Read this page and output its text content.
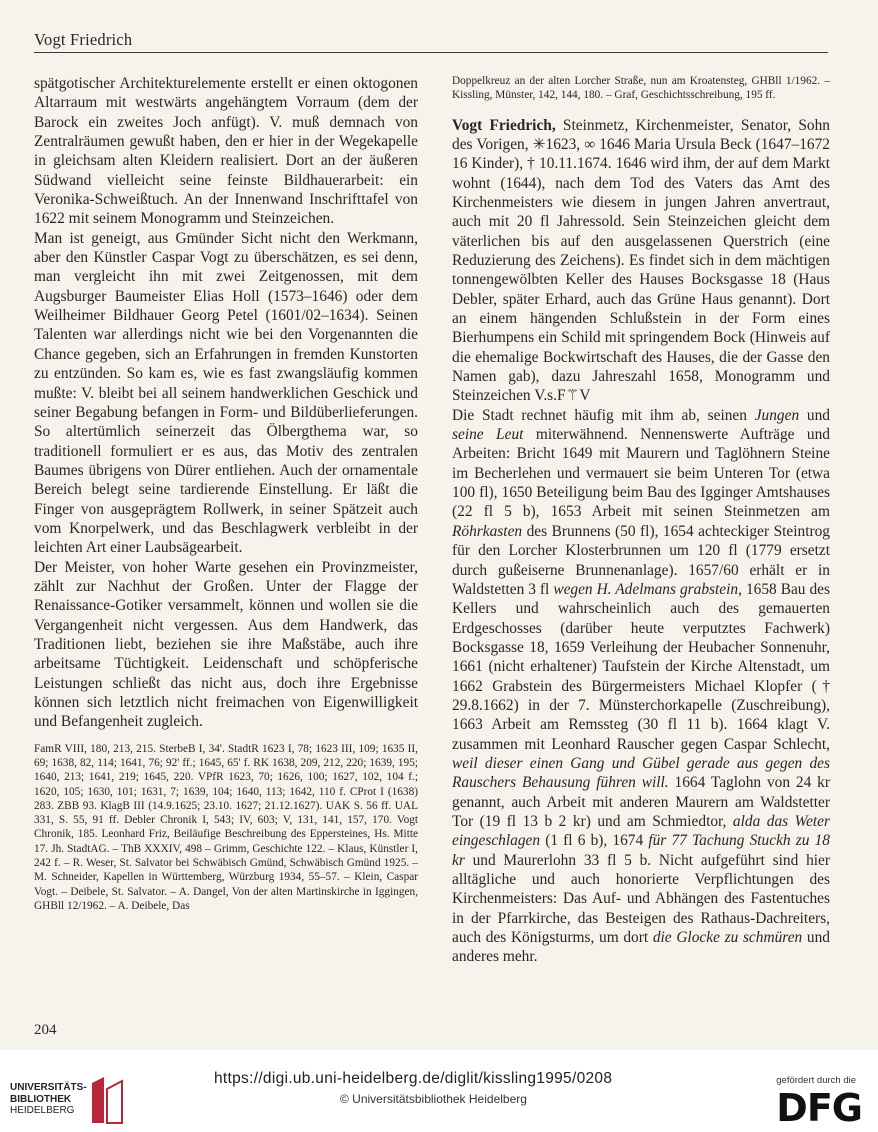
Vogt Friedrich

spätgotischer Architekturelemente erstellt er einen oktogonen Altarraum mit westwärts angehängtem Vorraum (dem der Barock ein zweites Joch anfügt). V. muß demnach von Zentralräumen gewußt haben, den er hier in der Wegekapelle in gleichsam alten Kleidern realisiert. Dort an der äußeren Südwand vielleicht seine feinste Bildhauerarbeit: ein Veronika-Schweißtuch. An der Innenwand Inschrifttafel von 1622 mit seinem Monogramm und Steinzeichen.

Man ist geneigt, aus Gmünder Sicht nicht den Werkmann, aber den Künstler Caspar Vogt zu überschätzen, es sei denn, man vergleicht ihn mit zwei Zeitgenossen, mit dem Augsburger Baumeister Elias Holl (1573–1646) oder dem Weilheimer Bildhauer Georg Petel (1601/02–1634). Seinen Talenten war allerdings nicht wie bei den Vorgenannten die Chance gegeben, sich an Erfahrungen in fremden Kunstorten zu entzünden. So kam es, wie es fast zwangsläufig kommen mußte: V. bleibt bei all seinem handwerklichen Geschick und seiner Begabung befangen in Form- und Bildüberlieferungen. So altertümlich seinerzeit das Ölbergthema war, so traditionell formuliert er es aus, das Motiv des zentralen Baumes übrigens von Dürer entliehen. Auch der ornamentale Bereich belegt seine tardierende Einstellung. Er läßt die Finger von ausgeprägtem Rollwerk, in seiner Spätzeit auch vom Knorpelwerk, und das Beschlagwerk verbleibt in der leichten Art einer Laubsägearbeit.

Der Meister, von hoher Warte gesehen ein Provinzmeister, zählt zur Nachhut der Großen. Unter der Flagge der Renaissance-Gotiker versammelt, können und wollen sie die Vergangenheit nicht vergessen. Aus dem Handwerk, das Traditionen liebt, beziehen sie ihre Maßstäbe, auch ihre arbeitsame Tüchtigkeit. Leidenschaft und schöpferische Leistungen schließt das nicht aus, doch ihre Ergebnisse können sich letztlich nicht freimachen von Eigenwilligkeit und Befangenheit zugleich.

FamR VIII, 180, 213, 215. SterbeB I, 34'. StadtR 1623 I, 78; 1623 III, 109; 1635 II, 69; 1638, 82, 114; 1641, 76; 92' ff.; 1645, 65' f. RK 1638, 209, 212, 220; 1639, 195; 1640, 213; 1641, 219; 1645, 220. VPfR 1623, 70; 1626, 100; 1627, 102, 104 f.; 1620, 105; 1630, 101; 1631, 7; 1639, 104; 1640, 113; 1642, 110 f. CProt I (1638) 283. ZBB 93. KlagB III (14.9.1625; 23.10. 1627; 21.12.1627). UAK S. 56 ff. UAL 331, S. 55, 91 ff. Debler Chronik I, 543; IV, 603; V, 131, 141, 157, 170. Vogt Chronik, 185. Leonhard Friz, Beiläufige Beschreibung des Eppersteines, Hs. Mitte 17. Jh. StadtAG. – ThB XXXIV, 498 – Grimm, Geschichte 122. – Klaus, Künstler I, 242 f. – R. Weser, St. Salvator bei Schwäbisch Gmünd, Schwäbisch Gmünd 1925. – M. Schneider, Kapellen in Württemberg, Würzburg 1934, 55–57. – Klein, Caspar Vogt. – Deibele, St. Salvator. – A. Dangel, Von der alten Martinskirche in Iggingen, GHBll 12/1962. – A. Deibele, Das

Doppelkreuz an der alten Lorcher Straße, nun am Kroatensteg, GHBll 1/1962. – Kissling, Münster, 142, 144, 180. – Graf, Geschichtsschreibung, 195 ff.

Vogt Friedrich, Steinmetz, Kirchenmeister, Senator, Sohn des Vorigen, ✳1623, ∞ 1646 Maria Ursula Beck (1647–1672 16 Kinder), † 10.11.1674. 1646 wird ihm, der auf dem Markt wohnt (1644), nach dem Tod des Vaters das Amt des Kirchenmeisters wie diesem in jungen Jahren anvertraut, auch mit 20 fl Jahressold. Sein Steinzeichen gleicht dem väterlichen bis auf den ausgelassenen Querstrich (eine Reduzierung des Zeichens). Es findet sich in dem mächtigen tonnengewölbten Keller des Hauses Bocksgasse 18 (Haus Debler, später Erhard, auch das Grüne Haus genannt). Dort an einem hängenden Schlußstein in der Form eines Bierhumpens ein Schild mit springendem Bock (Hinweis auf die ehemalige Bockwirtschaft des Hauses, die der Gasse den Namen gab), dazu Jahreszahl 1658, Monogramm und Steinzeichen V.s.F⚚V

Die Stadt rechnet häufig mit ihm ab, seinen Jungen und seine Leut miterwähnend. Nennenswerte Aufträge und Arbeiten: Bricht 1649 mit Maurern und Taglöhnern Steine im Becherlehen und vermauert sie beim Unteren Tor (etwa 100 fl), 1650 Beteiligung beim Bau des Igginger Amtshauses (22 fl 5 b), 1653 Arbeit mit seinen Steinmetzen am Röhrkasten des Brunnens (50 fl), 1654 achteckiger Steintrog für den Lorcher Klosterbrunnen um 120 fl (1779 ersetzt durch gußeiserne Brunnenanlage). 1657/60 erhält er in Waldstetten 3 fl wegen H. Adelmans grabstein, 1658 Bau des Kellers und wahrscheinlich auch des gemauerten Erdgeschosses (darüber heute verputztes Fachwerk) Bocksgasse 18, 1659 Verleihung der Heubacher Sonnenuhr, 1661 (nicht erhaltener) Taufstein der Kirche Altenstadt, um 1662 Grabstein des Bürgermeisters Michael Klopfer († 29.8.1662) in der 7. Münsterchorkapelle (Zuschreibung), 1663 Arbeit am Remssteg (30 fl 11 b). 1664 klagt V. zusammen mit Leonhard Rauscher gegen Caspar Schlecht, weil dieser einen Gang und Gübel gerade aus gegen des Rauschers Behausung führen will. 1664 Taglohn von 24 kr genannt, auch Arbeit mit anderen Maurern am Waldstetter Tor (19 fl 13 b 2 kr) und am Schmiedtor, alda das Weter eingeschlagen (1 fl 6 b), 1674 für 77 Tachung Stuckh zu 18 kr und Maurerlohn 33 fl 5 b. Nicht aufgeführt sind hier alltägliche und auch honorierte Verpflichtungen des Kirchenmeisters: Das Auf- und Abhängen des Fastentuches in der Pfarrkirche, das Besteigen des Rathaus-Dachreiters, auch des Königsturms, um dort die Glocke zu schmüren und anderes mehr.

204
UNIVERSITÄTS-
BIBLIOTHEK
HEIDELBERG
https://digi.ub.uni-heidelberg.de/diglit/kissling1995/0208
© Universitätsbibliothek Heidelberg
gefördert durch die
DFG
